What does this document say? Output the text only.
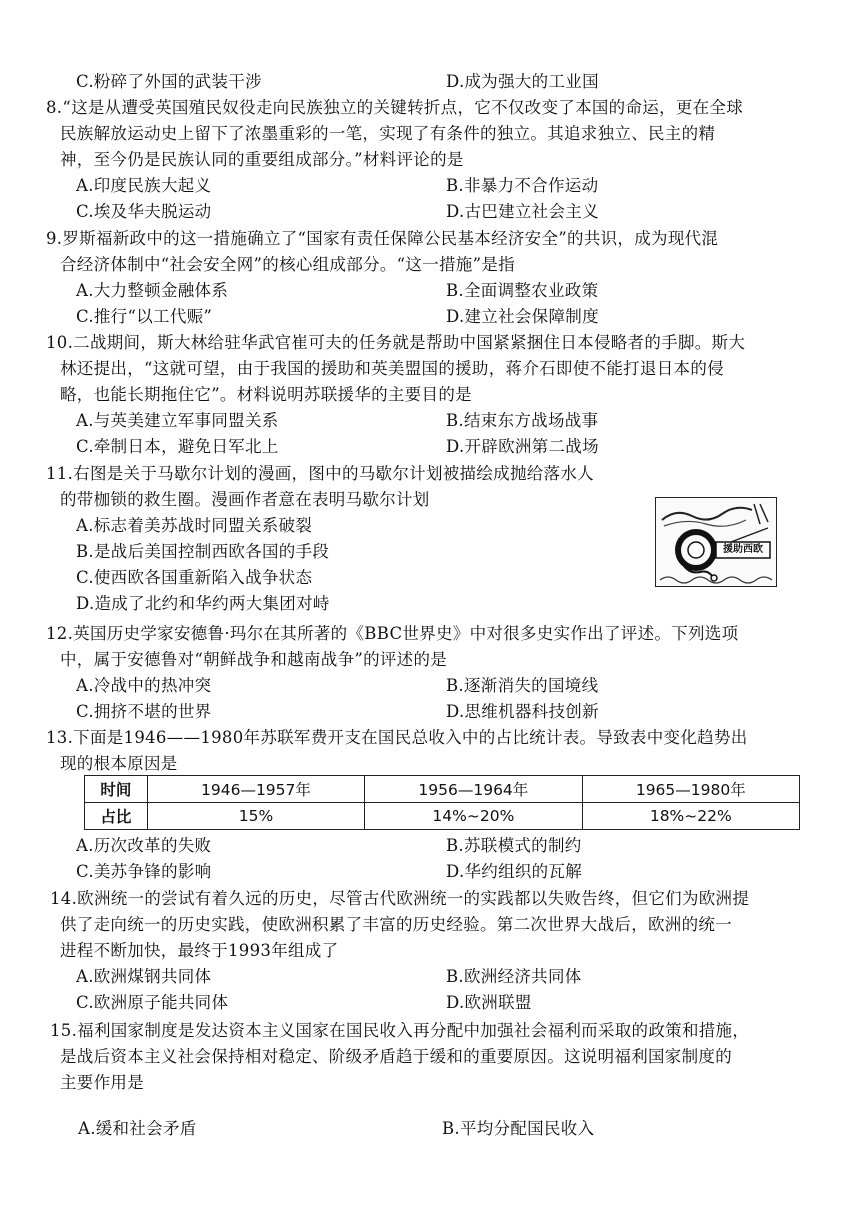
C.粉碎了外国的武装干涉	D.成为强大的工业国
8.“这是从遭受英国殖民奴役走向民族独立的关键转折点，它不仅改变了本国的命运，更在全球
民族解放运动史上留下了浓墨重彩的一笔，实现了有条件的独立。其追求独立、民主的精
神，至今仍是民族认同的重要组成部分。”材料评论的是
A.印度民族大起义	B.非暴力不合作运动
C.埃及华夫脱运动	D.古巴建立社会主义
9.罗斯福新政中的这一措施确立了“国家有责任保障公民基本经济安全”的共识，成为现代混
合经济体制中“社会安全网”的核心组成部分。“这一措施”是指
A.大力整顿金融体系	B.全面调整农业政策
C.推行“以工代赈”	D.建立社会保障制度
10.二战期间，斯大林给驻华武官崔可夫的任务就是帮助中国紧紧捆住日本侵略者的手脚。斯大
林还提出，“这就可望，由于我国的援助和英美盟国的援助，蒋介石即使不能打退日本的侵
略，也能长期拖住它”。材料说明苏联援华的主要目的是
A.与英美建立军事同盟关系	B.结束东方战场战事
C.牵制日本，避免日军北上	D.开辟欧洲第二战场
11.右图是关于马歇尔计划的漫画，图中的马歇尔计划被描绘成抛给落水人
的带枷锁的救生圈。漫画作者意在表明马歇尔计划
A.标志着美苏战时同盟关系破裂
B.是战后美国控制西欧各国的手段
C.使西欧各国重新陷入战争状态
D.造成了北约和华约两大集团对峙
援助西欧
12.英国历史学家安德鲁·玛尔在其所著的《BBC世界史》中对很多史实作出了评述。下列选项
中，属于安德鲁对“朝鲜战争和越南战争”的评述的是
A.冷战中的热冲突	B.逐渐消失的国境线
C.拥挤不堪的世界	D.思维机器科技创新
13.下面是1946——1980年苏联军费开支在国民总收入中的占比统计表。导致表中变化趋势出
现的根本原因是
时间	1946—1957年	1956—1964年	1965—1980年
占比	15%	14%~20%	18%~22%
A.历次改革的失败	B.苏联模式的制约
C.美苏争锋的影响	D.华约组织的瓦解
14.欧洲统一的尝试有着久远的历史，尽管古代欧洲统一的实践都以失败告终，但它们为欧洲提
供了走向统一的历史实践，使欧洲积累了丰富的历史经验。第二次世界大战后，欧洲的统一
进程不断加快，最终于1993年组成了
A.欧洲煤钢共同体	B.欧洲经济共同体
C.欧洲原子能共同体	D.欧洲联盟
15.福利国家制度是发达资本主义国家在国民收入再分配中加强社会福利而采取的政策和措施，
是战后资本主义社会保持相对稳定、阶级矛盾趋于缓和的重要原因。这说明福利国家制度的
主要作用是
A.缓和社会矛盾	B.平均分配国民收入
